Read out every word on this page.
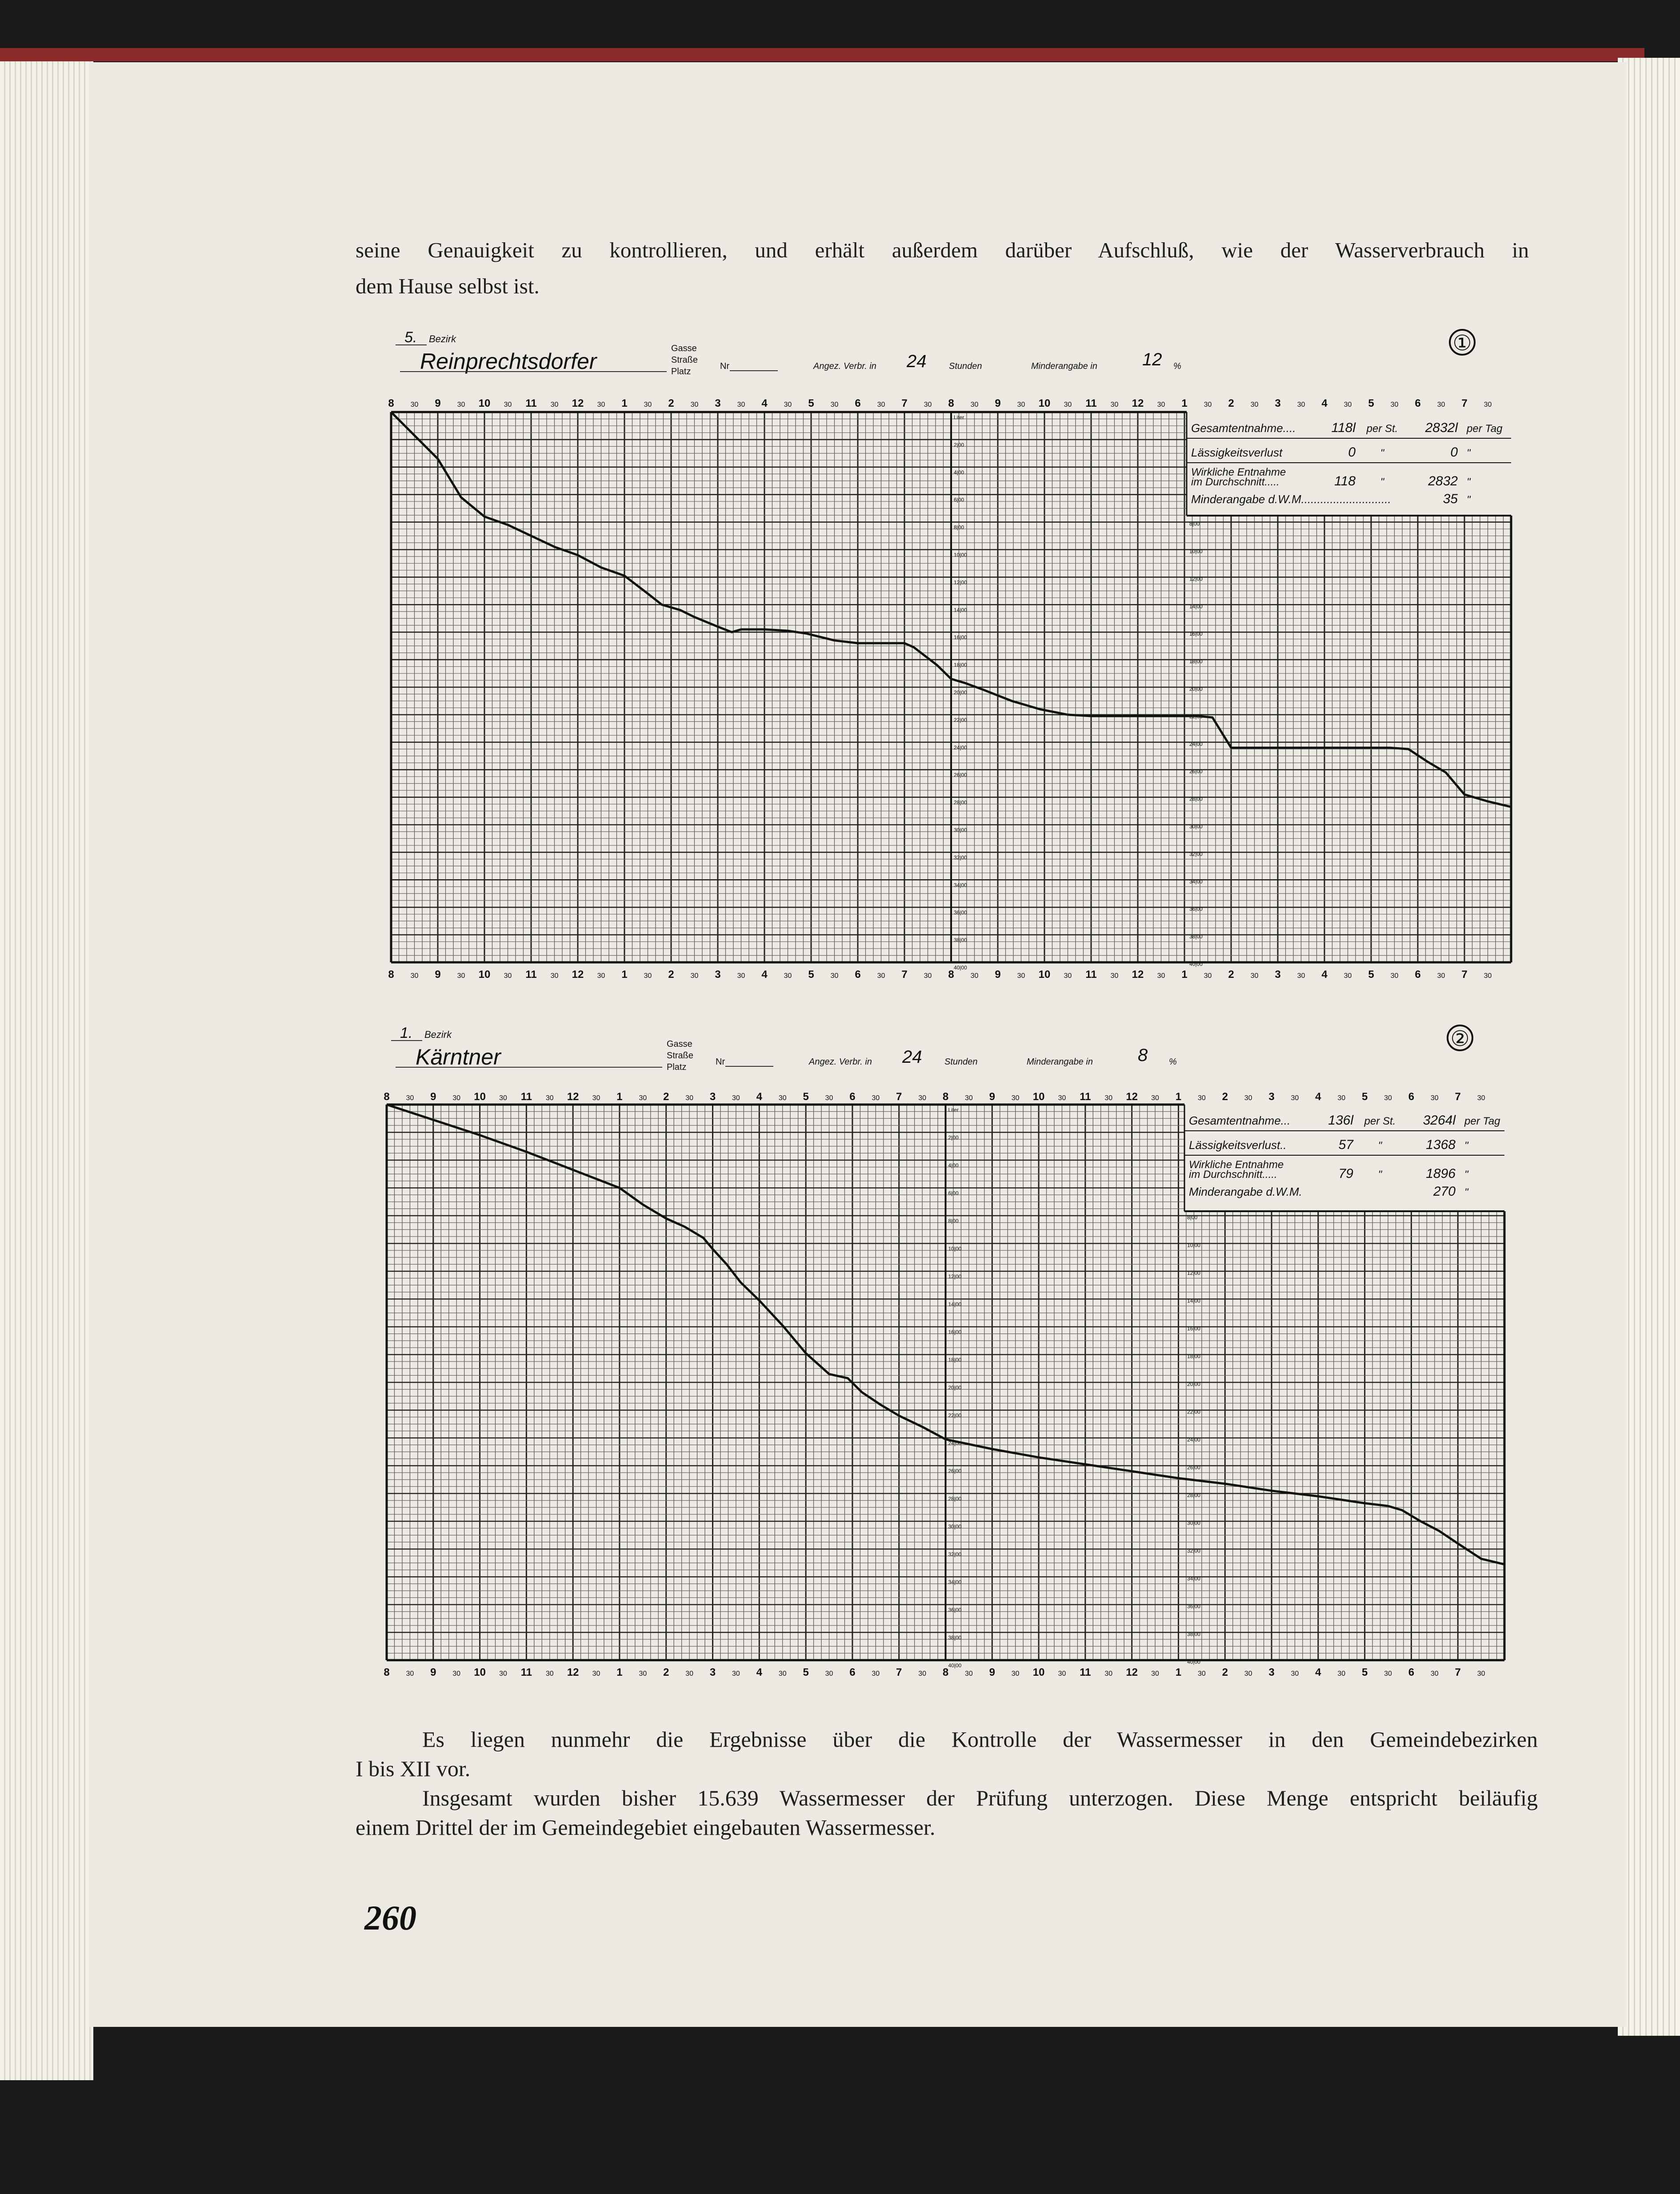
seine Genauigkeit zu kontrollieren, und erhält außerdem darüber Aufschluß, wie der Wasserverbrauch in
dem Hause selbst ist.
8
8
30
30
9
9
30
30
10
10
30
30
11
11
30
30
12
12
30
30
1
1
30
30
2
2
30
30
3
3
30
30
4
4
30
30
5
5
30
30
6
6
30
30
7
7
30
30
8
8
30
30
9
9
30
30
10
10
30
30
11
11
30
30
12
12
30
30
1
1
30
30
2
2
30
30
3
3
30
30
4
4
30
30
5
5
30
30
6
6
30
30
7
7
30
30
Liter
2|00
4|00
6|00
8|00
10|00
12|00
14|00
16|00
18|00
20|00
22|00
24|00
26|00
28|00
30|00
32|00
34|00
36|00
38|00
40|00
8|00
10|00
12|00
14|00
16|00
18|00
20|00
22|00
24|00
26|00
28|00
30|00
32|00
34|00
36|00
38|00
40|00
5. Bezirk
Reinprechtsdorfer
Gasse
Straße
Platz
Nr	Angez. Verbr. in 24	Stunden	Minderangabe in	12 %
①
Gesamtentnahme....	118l per St. 2832l per Tag
Lässigkeitsverlust	0 "	0 "
Wirkliche Entnahme
im Durchschnitt.....	118 "	2832 "
Minderangabe d.W.M............................	35 "
8
8
30
30
9
9
30
30
10
10
30
30
11
11
30
30
12
12
30
30
1
1
30
30
2
2
30
30
3
3
30
30
4
4
30
30
5
5
30
30
6
6
30
30
7
7
30
30
8
8
30
30
9
9
30
30
10
10
30
30
11
11
30
30
12
12
30
30
1
1
30
30
2
2
30
30
3
3
30
30
4
4
30
30
5
5
30
30
6
6
30
30
7
7
30
30
Liter
2|00
4|00
6|00
8|00
10|00
12|00
14|00
16|00
18|00
20|00
22|00
24|00
26|00
28|00
30|00
32|00
34|00
36|00
38|00
40|00
8|00
10|00
12|00
14|00
16|00
18|00
20|00
22|00
24|00
26|00
28|00
30|00
32|00
34|00
36|00
38|00
40|00
1. Bezirk
Kärntner
Gasse
Straße
Platz
Nr	Angez. Verbr. in 24	Stunden	Minderangabe in	8 %
②
Gesamtentnahme...	136l per St. 3264l per Tag
Lässigkeitsverlust..	57 "	1368 "
Wirkliche Entnahme
im Durchschnitt.....	79 "	1896 "
Minderangabe d.W.M.	270 "

Es liegen nunmehr die Ergebnisse über die Kontrolle der Wassermesser in den Gemeindebezirken

I bis XII vor.

Insgesamt wurden bisher 15.639 Wassermesser der Prüfung unterzogen. Diese Menge entspricht beiläufig

einem Drittel der im Gemeindegebiet eingebauten Wassermesser.

260
